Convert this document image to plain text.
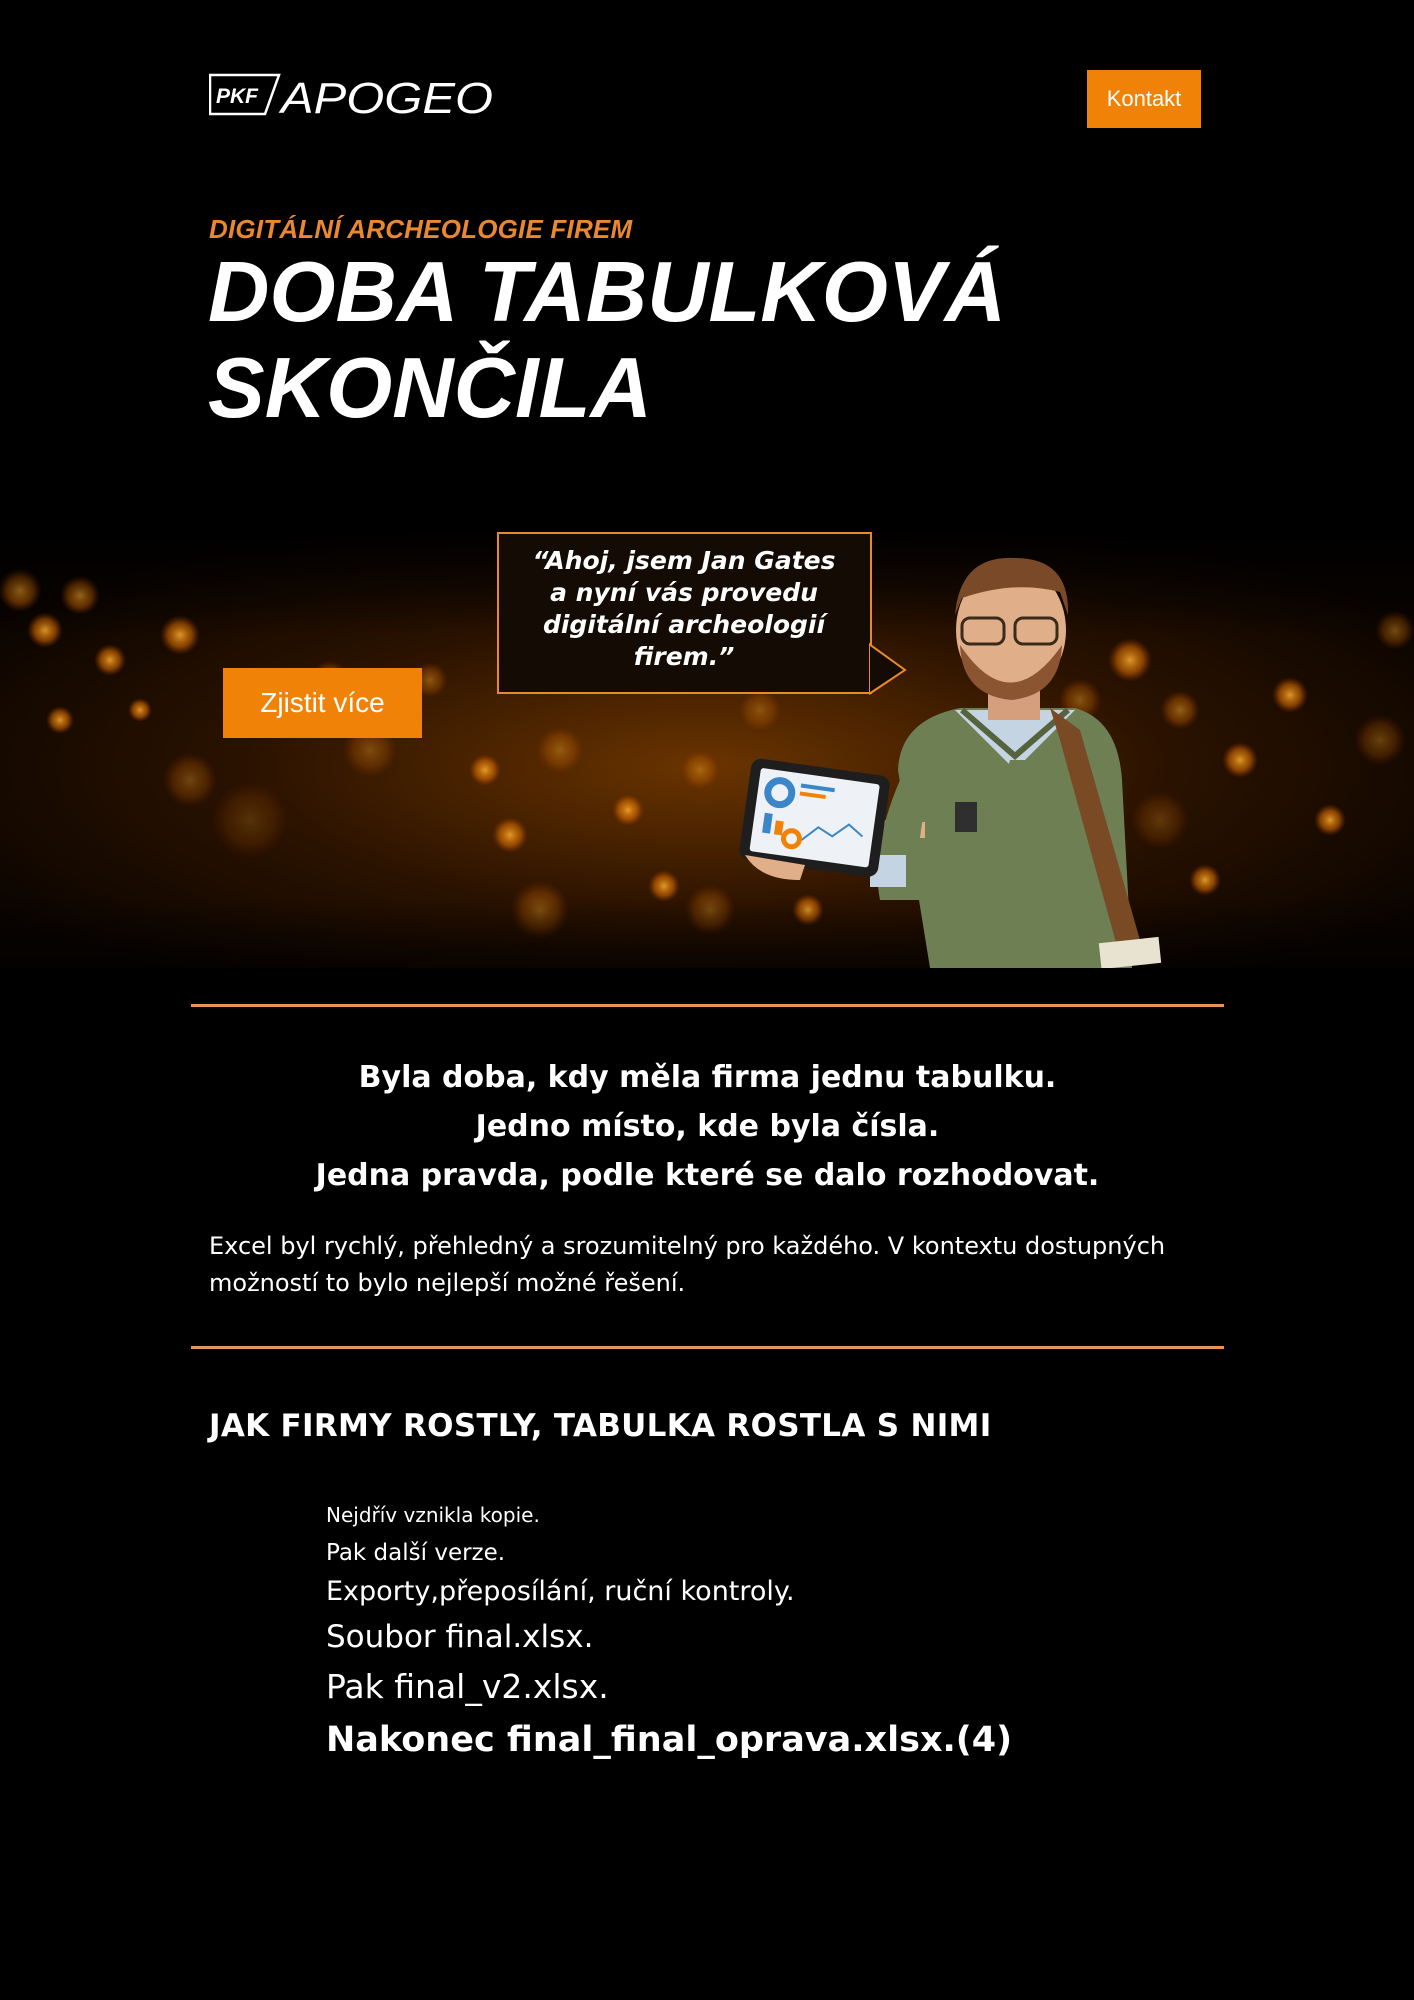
PKF APOGEO	Kontakt

DIGITÁLNÍ ARCHEOLOGIE FIREM

DOBA TABULKOVÁ
SKONČILA
Zjistit více

“Ahoj, jsem Jan Gates
a nyní vás provedu
digitální archeologií
firem.”

Byla doba, kdy měla firma jednu tabulku.
Jedno místo, kde byla čísla.
Jedna pravda, podle které se dalo rozhodovat.

Excel byl rychlý, přehledný a srozumitelný pro každého. V kontextu dostupných možností to bylo nejlepší možné řešení.

JAK FIRMY ROSTLY, TABULKA ROSTLA S NIMI
Nejdřív vznikla kopie.
Pak další verze.
Exporty,přeposílání, ruční kontroly.
Soubor final.xlsx.
Pak final_v2.xlsx.
Nakonec final_final_oprava.xlsx.(4)
